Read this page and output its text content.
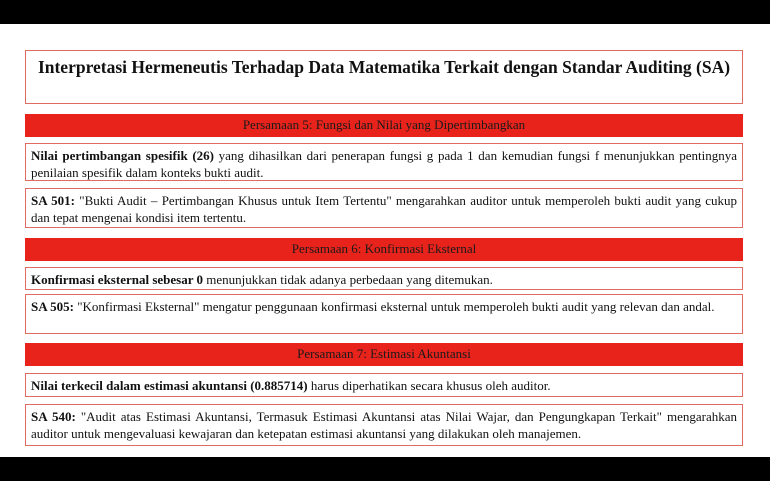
Interpretasi Hermeneutis Terhadap Data Matematika Terkait dengan Standar Auditing (SA)
Persamaan 5: Fungsi dan Nilai yang Dipertimbangkan
Nilai pertimbangan spesifik (26) yang dihasilkan dari penerapan fungsi g pada 1 dan kemudian fungsi f menunjukkan pentingnya penilaian spesifik dalam konteks bukti audit.
SA 501: "Bukti Audit – Pertimbangan Khusus untuk Item Tertentu" mengarahkan auditor untuk memperoleh bukti audit yang cukup dan tepat mengenai kondisi item tertentu.
Persamaan 6: Konfirmasi Eksternal
Konfirmasi eksternal sebesar 0 menunjukkan tidak adanya perbedaan yang ditemukan.
SA 505: "Konfirmasi Eksternal" mengatur penggunaan konfirmasi eksternal untuk memperoleh bukti audit yang relevan dan andal.
Persamaan 7: Estimasi Akuntansi
Nilai terkecil dalam estimasi akuntansi (0.885714) harus diperhatikan secara khusus oleh auditor.
SA 540: "Audit atas Estimasi Akuntansi, Termasuk Estimasi Akuntansi atas Nilai Wajar, dan Pengungkapan Terkait" mengarahkan auditor untuk mengevaluasi kewajaran dan ketepatan estimasi akuntansi yang dilakukan oleh manajemen.
